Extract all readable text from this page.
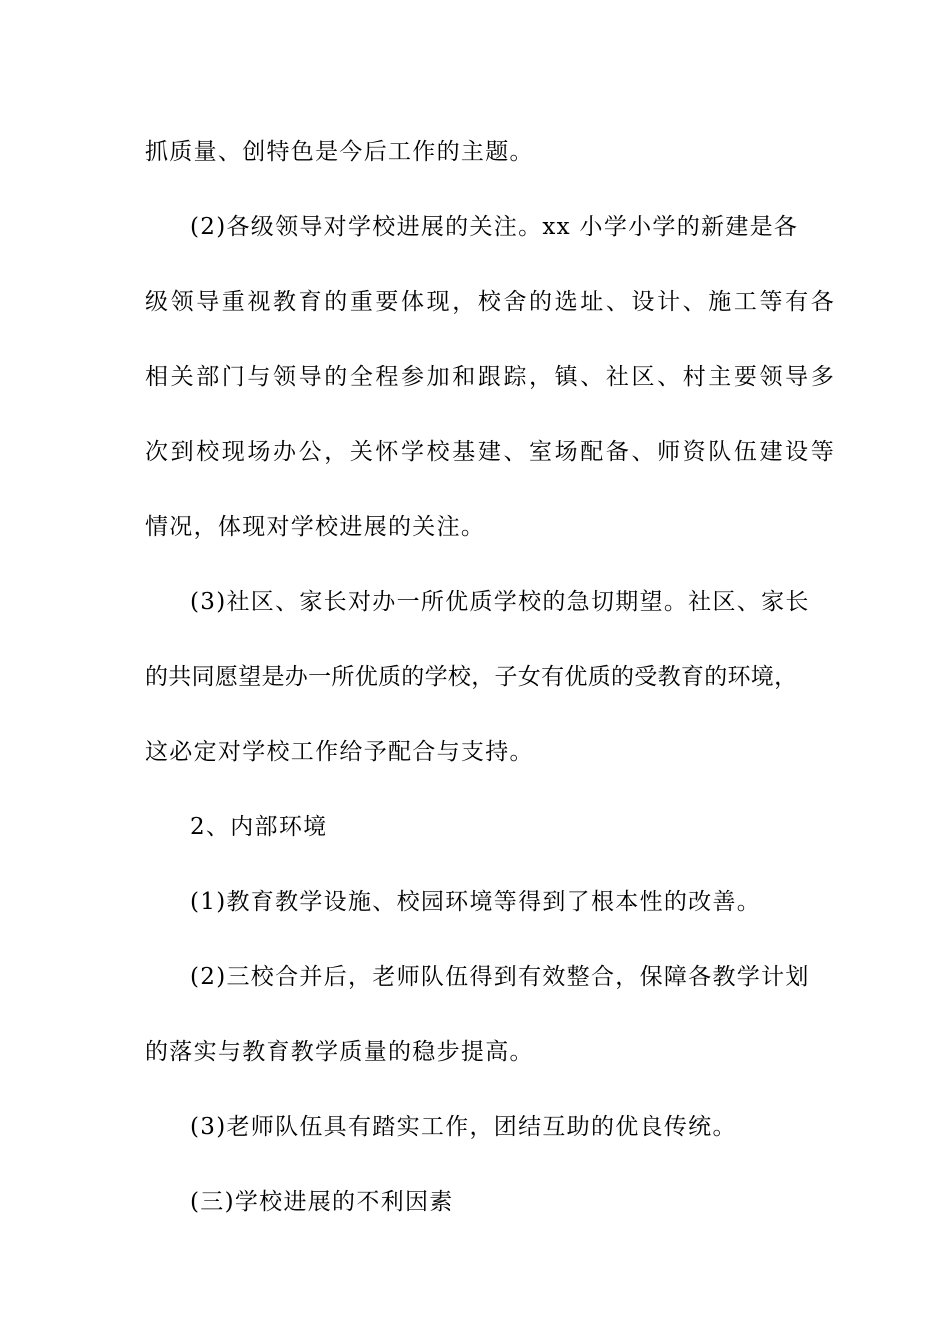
抓质量、创特色是今后工作的主题。
(2)各级领导对学校进展的关注。xx 小学小学的新建是各
级领导重视教育的重要体现，校舍的选址、设计、施工等有各
相关部门与领导的全程参加和跟踪，镇、社区、村主要领导多
次到校现场办公，关怀学校基建、室场配备、师资队伍建设等
情况，体现对学校进展的关注。
(3)社区、家长对办一所优质学校的急切期望。社区、家长
的共同愿望是办一所优质的学校，子女有优质的受教育的环境，
这必定对学校工作给予配合与支持。
2、内部环境
(1)教育教学设施、校园环境等得到了根本性的改善。
(2)三校合并后，老师队伍得到有效整合，保障各教学计划
的落实与教育教学质量的稳步提高。
(3)老师队伍具有踏实工作，团结互助的优良传统。
(三)学校进展的不利因素
